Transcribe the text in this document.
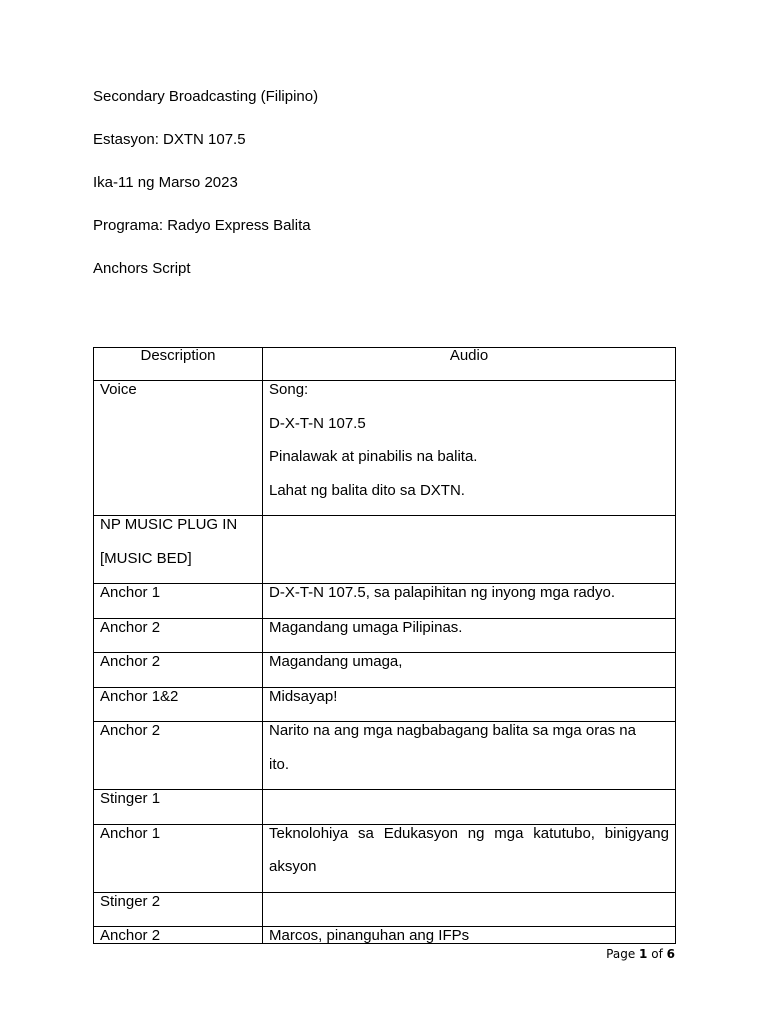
Secondary Broadcasting (Filipino)
Estasyon: DXTN 107.5
Ika-11 ng Marso 2023
Programa: Radyo Express Balita
Anchors Script
Description	Audio

Voice	Song:
D-X-T-N 107.5
Pinalawak at pinabilis na balita.
Lahat ng balita dito sa DXTN.

NP MUSIC PLUG IN
[MUSIC BED]	

Anchor 1	D-X-T-N 107.5, sa palapihitan ng inyong mga radyo.

Anchor 2	Magandang umaga Pilipinas.

Anchor 2	Magandang umaga,

Anchor 1&2	Midsayap!

Anchor 2	Narito na ang mga nagbabagang balita sa mga oras na
ito.

Stinger 1	

Anchor 1	Teknolohiya sa Edukasyon ng mga katutubo, binigyang
aksyon

Stinger 2	

Anchor 2	Marcos, pinanguhan ang IFPs
Page 1 of 6
